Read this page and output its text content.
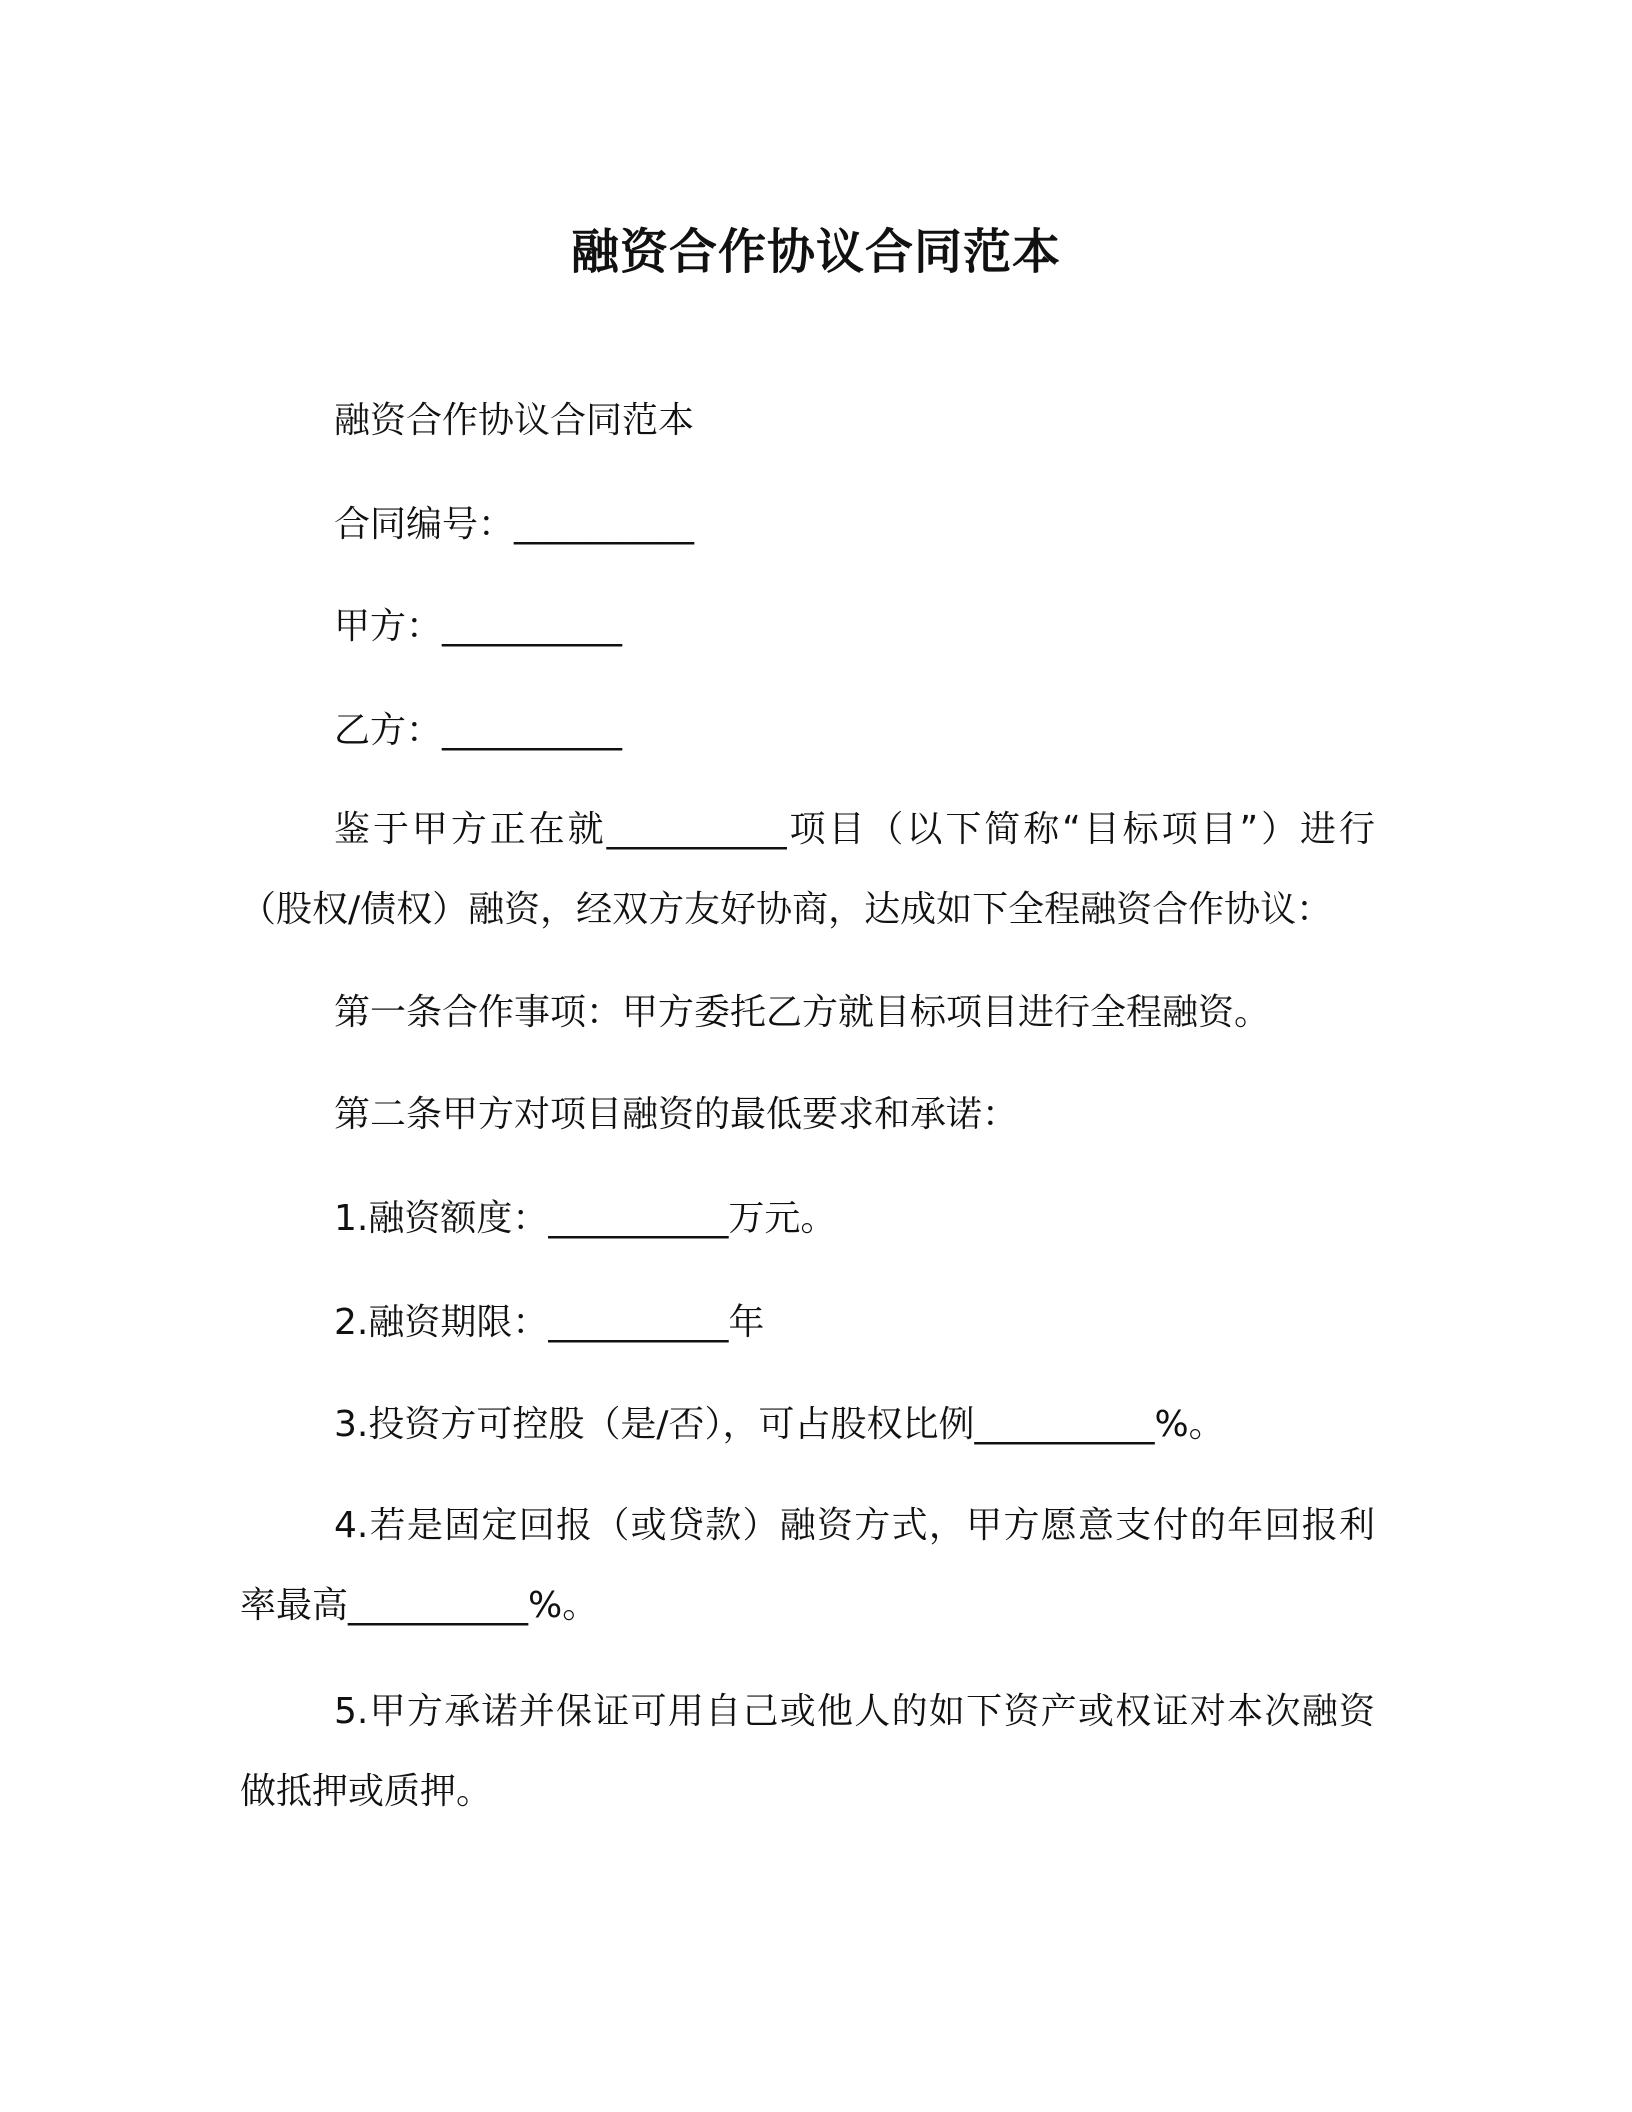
融资合作协议合同范本
融资合作协议合同范本
合同编号：__________
甲方：__________
乙方：__________
鉴于甲方正在就__________项目（以下简称“目标项目”）进行（股权/债权）融资，经双方友好协商，达成如下全程融资合作协议：
第一条合作事项：甲方委托乙方就目标项目进行全程融资。
第二条甲方对项目融资的最低要求和承诺：
1.融资额度：__________万元。
2.融资期限：__________年
3.投资方可控股（是/否），可占股权比例__________%。
4.若是固定回报（或贷款）融资方式，甲方愿意支付的年回报利率最高__________%。
5.甲方承诺并保证可用自己或他人的如下资产或权证对本次融资做抵押或质押。
